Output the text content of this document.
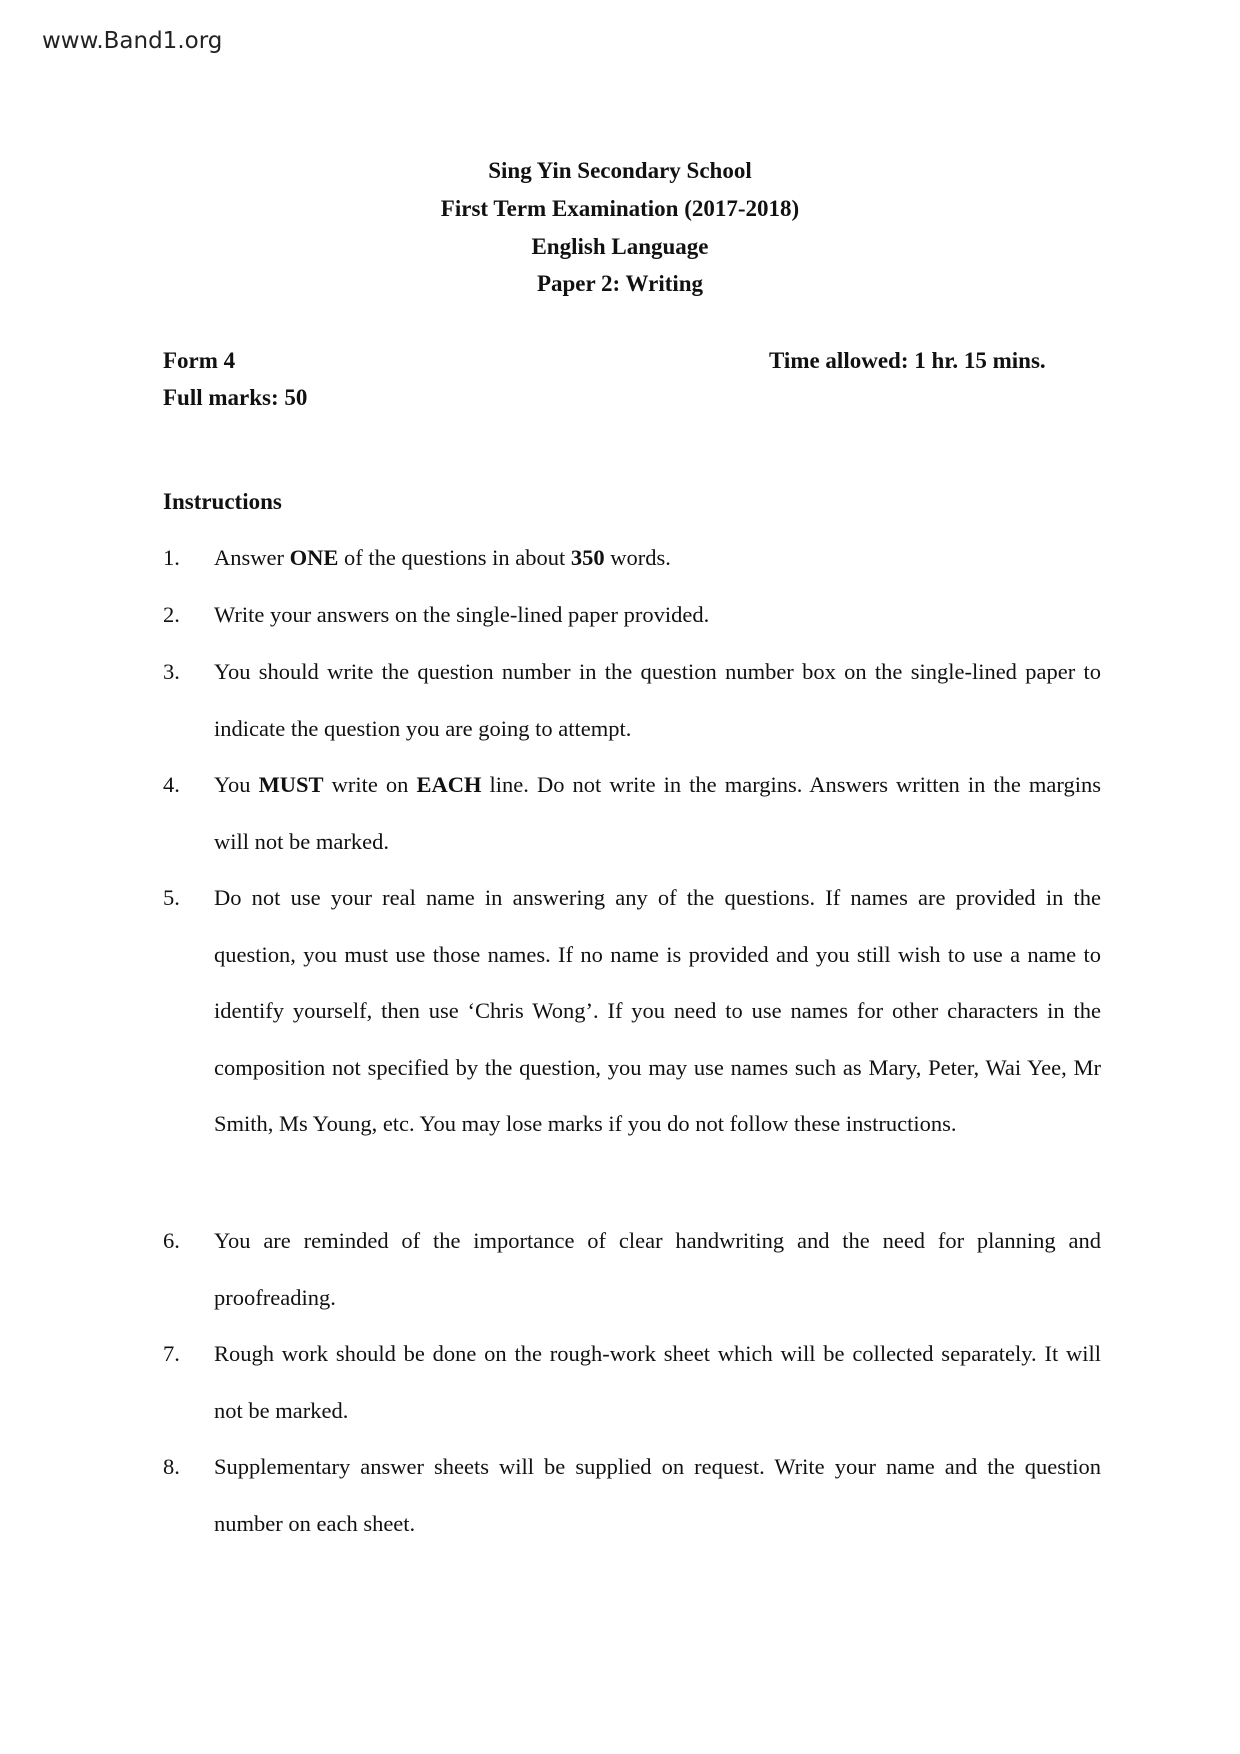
www.Band1.org
Sing Yin Secondary School
First Term Examination (2017-2018)
English Language
Paper 2: Writing
Form 4
Full marks: 50
Time allowed: 1 hr. 15 mins.
Instructions
1.	Answer ONE of the questions in about 350 words.
2.	Write your answers on the single-lined paper provided.
3.	You should write the question number in the question number box on the single-lined paper to indicate the question you are going to attempt.
4.	You MUST write on EACH line. Do not write in the margins. Answers written in the margins will not be marked.
5.	Do not use your real name in answering any of the questions. If names are provided in the question, you must use those names. If no name is provided and you still wish to use a name to identify yourself, then use ‘Chris Wong’. If you need to use names for other characters in the composition not specified by the question, you may use names such as Mary, Peter, Wai Yee, Mr Smith, Ms Young, etc. You may lose marks if you do not follow these instructions.
6.	You are reminded of the importance of clear handwriting and the need for planning and proofreading.
7.	Rough work should be done on the rough-work sheet which will be collected separately. It will not be marked.
8.	Supplementary answer sheets will be supplied on request. Write your name and the question number on each sheet.
